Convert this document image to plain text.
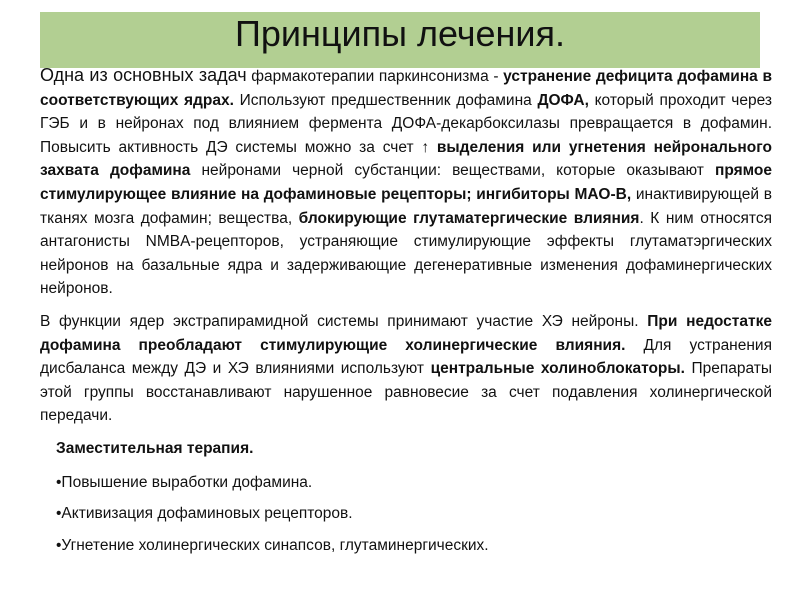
Принципы лечения.

Одна из основных задач фармакотерапии паркинсонизма - устранение дефицита дофамина в соответствующих ядрах. Используют предшественник дофамина ДОФА, который проходит через ГЭБ и в нейронах под влиянием фермента ДОФА-декарбоксилазы превращается в дофамин. Повысить активность ДЭ системы можно за счет ↑ выделения или угнетения нейронального захвата дофамина нейронами черной субстанции: веществами, которые оказывают прямое стимулирующее влияние на дофаминовые рецепторы; ингибиторы МАО-В, инактивирующей в тканях мозга дофамин; вещества, блокирующие глутаматергические влияния. К ним относятся антагонисты NMBA-рецепторов, устраняющие стимулирующие эффекты глутаматэргических нейронов на базальные ядра и задерживающие дегенеративные изменения дофаминергических нейронов.

В функции ядер экстрапирамидной системы принимают участие ХЭ нейроны. При недостатке дофамина преобладают стимулирующие холинергические влияния. Для устранения дисбаланса между ДЭ и ХЭ влияниями используют центральные холиноблокаторы. Препараты этой группы восстанавливают нарушенное равновесие за счет подавления холинергической передачи.

Заместительная терапия.

•Повышение выработки дофамина.

•Активизация дофаминовых рецепторов.

•Угнетение холинергических синапсов, глутаминергических.
